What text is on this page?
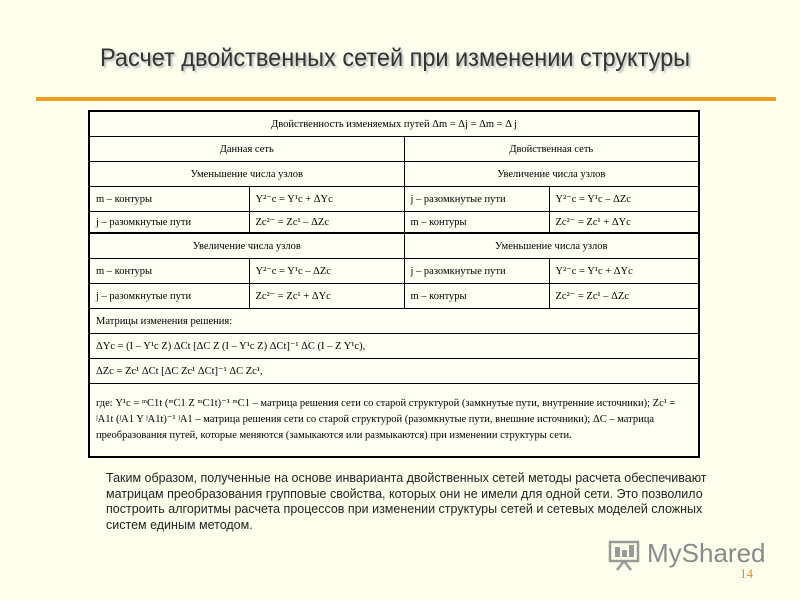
Расчет двойственных сетей при изменении структуры
Двойственность изменяемых путей Δm = Δj = Δm = Δ j			
Данная сеть		Двойственная сеть	
Уменьшение числа узлов		Увеличение числа узлов	
m – контуры	Y²⁻c = Y¹c + ΔYc	j – разомкнутые пути	Y²⁻c = Y¹c – ΔZc
j – разомкнутые пути	Zc²⁻ = Zc¹ – ΔZc	m – контуры	Zc²⁻ = Zc¹ + ΔYc
Увеличение числа узлов		Уменьшение числа узлов	
m – контуры	Y²⁻c = Y¹c – ΔZc	j – разомкнутые пути	Y²⁻c = Y¹c + ΔYc
j – разомкнутые пути	Zc²⁻ = Zc¹ + ΔYc	m – контуры	Zc²⁻ = Zc¹ – ΔZc
Матрицы изменения решения:			
ΔYc = (I – Y¹c Z) ΔCt [ΔC Z (I – Y¹c Z) ΔCt]⁻¹ ΔC (I – Z Y¹c),			
ΔZc = Zc¹ ΔCt [ΔC Zc¹ ΔCt]⁻¹ ΔC Zc¹,			
где: Y¹c = ᵐC1t (ᵐC1 Z ᵐC1t)⁻¹ ᵐC1 – матрица решения сети со старой структурой (замкнутые пути, внутренние источники); Zc¹ = ʲA1t (ʲA1 Y ʲA1t)⁻¹ ʲA1 – матрица решения сети со старой структурой (разомкнутые пути, внешние источники); ΔC – матрица преобразования путей, которые меняются (замыкаются или размыкаются) при изменении структуры сети.			
Таким образом, полученные на основе инварианта двойственных сетей методы расчета обеспечивают матрицам преобразования групповые свойства, которых они не имели для одной сети. Это позволило построить алгоритмы расчета процессов при изменении структуры сетей и сетевых моделей сложных систем единым методом.
MyShared
14
